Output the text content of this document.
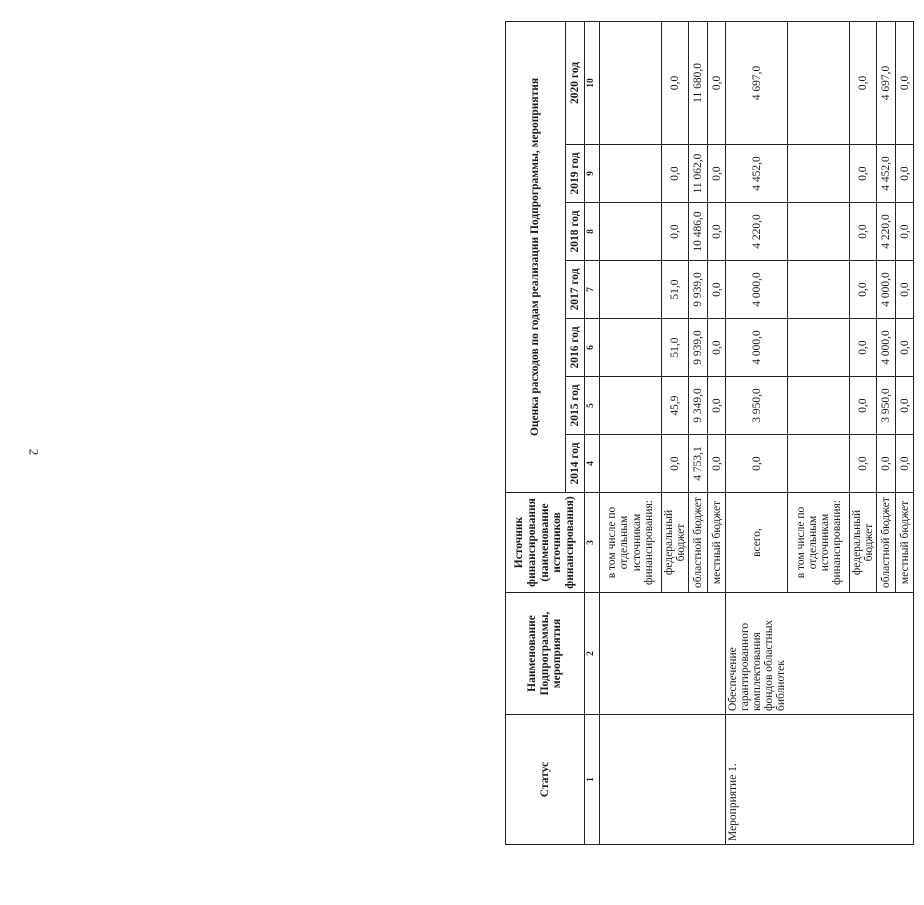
2
Статус	Наименование Подпрограммы, мероприятия	Источник финансирования (наименование источников финансирования)	Оценка расходов по годам реализации Подпрограммы, мероприятия						
			2014 год	2015 год	2016 год	2017 год	2018 год	2019 год	2020 год
1	2	3	4	5	6	7	8	9	10
		в том числе по отдельным источникам финансирования:							
		федеральный бюджет	0,0	45,9	51,0	51,0	0,0	0,0	0,0
		областной бюджет	4 753,1	9 349,0	9 939,0	9 939,0	10 486,0	11 062,0	11 680,0
		местный бюджет	0,0	0,0	0,0	0,0	0,0	0,0	0,0
Мероприятие 1.	Обеспечение гарантированного комплектования фондов областных библиотек	всего,	0,0	3 950,0	4 000,0	4 000,0	4 220,0	4 452,0	4 697,0
		в том числе по отдельным источникам финансирования:							
		федеральный бюджет	0,0	0,0	0,0	0,0	0,0	0,0	0,0
		областной бюджет	0,0	3 950,0	4 000,0	4 000,0	4 220,0	4 452,0	4 697,0
		местный бюджет	0,0	0,0	0,0	0,0	0,0	0,0	0,0
